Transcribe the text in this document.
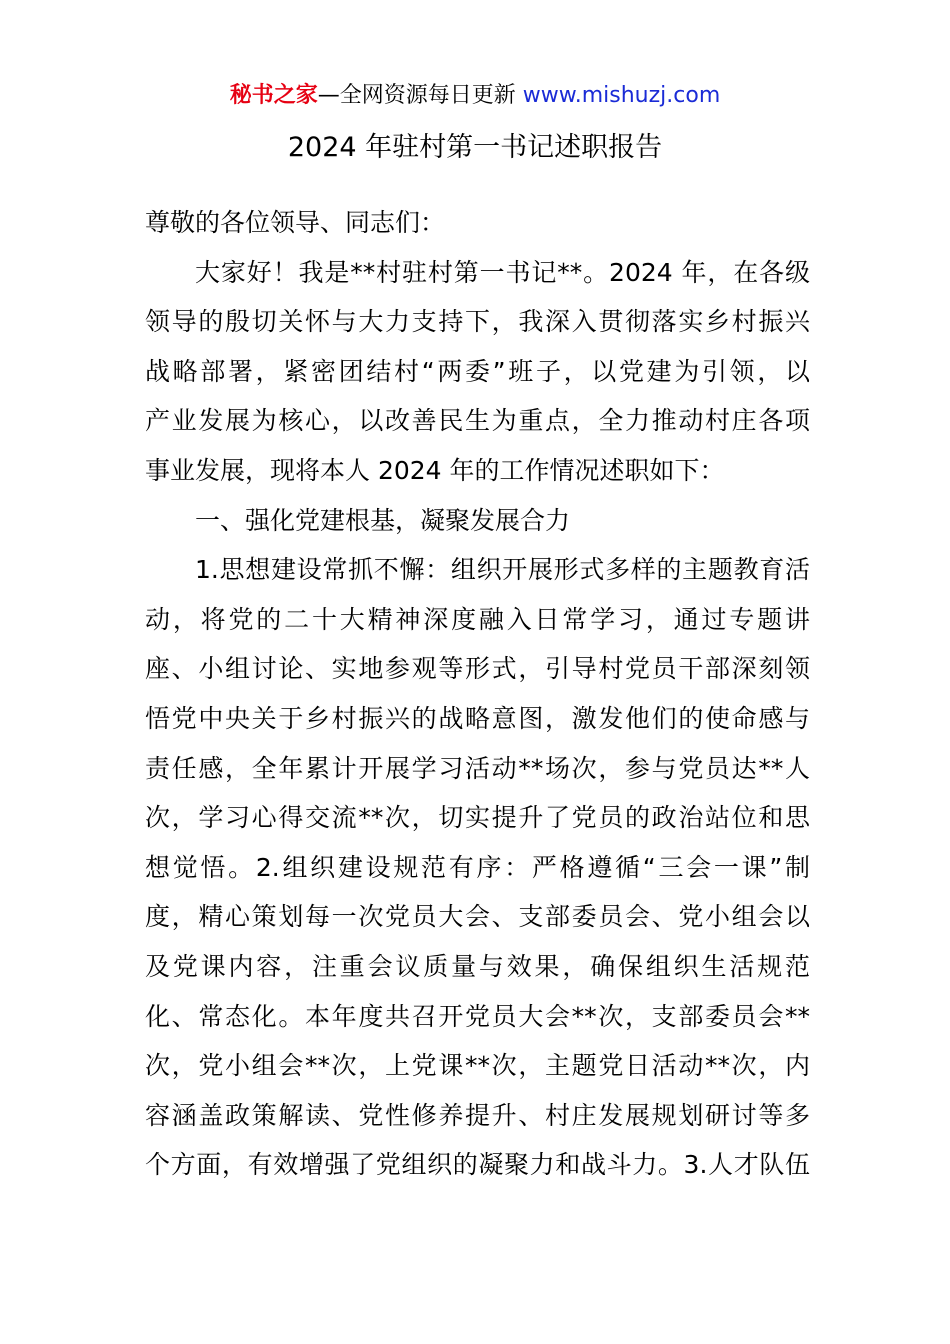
秘书之家—全网资源每日更新 www.mishuzj.com
2024 年驻村第一书记述职报告
尊敬的各位领导、同志们：
大家好！我是**村驻村第一书记**。2024 年，在各级
领导的殷切关怀与大力支持下，我深入贯彻落实乡村振兴
战略部署，紧密团结村“两委”班子，以党建为引领，以
产业发展为核心，以改善民生为重点，全力推动村庄各项
事业发展，现将本人 2024 年的工作情况述职如下：
一、强化党建根基，凝聚发展合力
1.思想建设常抓不懈：组织开展形式多样的主题教育活
动，将党的二十大精神深度融入日常学习，通过专题讲
座、小组讨论、实地参观等形式，引导村党员干部深刻领
悟党中央关于乡村振兴的战略意图，激发他们的使命感与
责任感，全年累计开展学习活动**场次，参与党员达**人
次，学习心得交流**次，切实提升了党员的政治站位和思
想觉悟。2.组织建设规范有序：严格遵循“三会一课”制
度，精心策划每一次党员大会、支部委员会、党小组会以
及党课内容，注重会议质量与效果，确保组织生活规范
化、常态化。本年度共召开党员大会**次，支部委员会**
次，党小组会**次，上党课**次，主题党日活动**次，内
容涵盖政策解读、党性修养提升、村庄发展规划研讨等多
个方面，有效增强了党组织的凝聚力和战斗力。3.人才队伍
